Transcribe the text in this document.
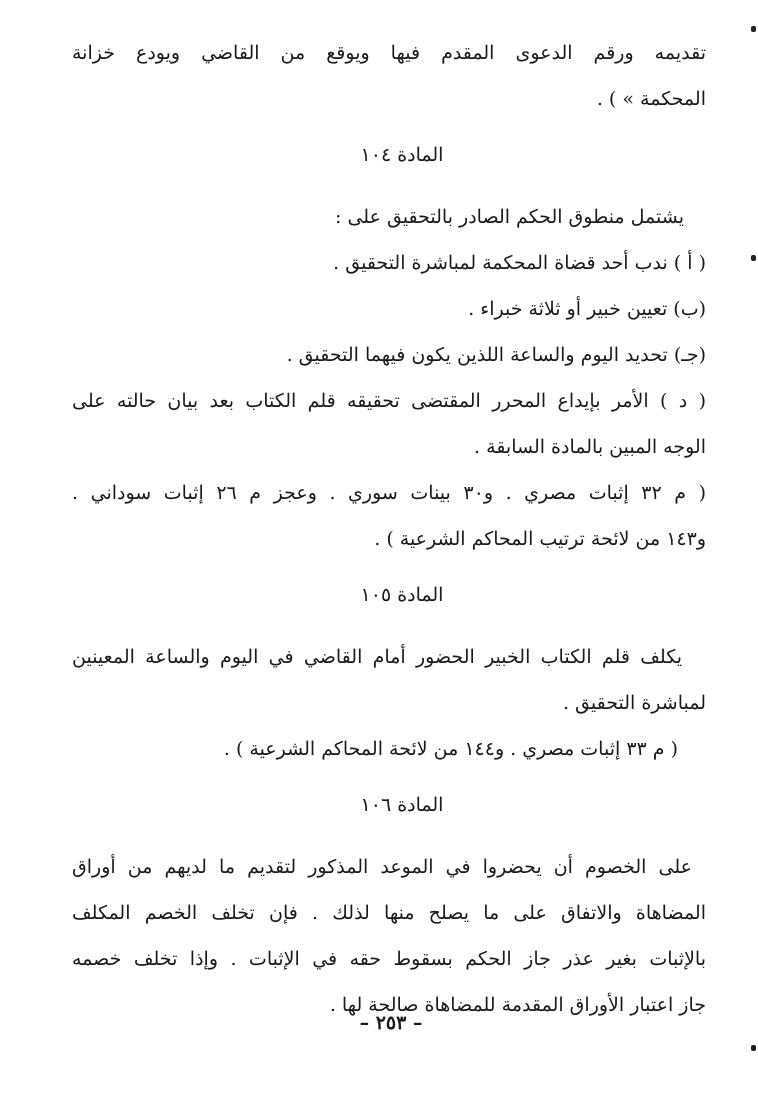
تقديمه ورقم الدعوى المقدم فيها ويوقع من القاضي ويودع خزانة
المحكمة » ) .
المادة ١٠٤
يشتمل منطوق الحكم الصادر بالتحقيق على :
( أ ) ندب أحد قضاة المحكمة لمباشرة التحقيق .
(ب) تعيين خبير أو ثلاثة خبراء .
(جـ) تحديد اليوم والساعة اللذين يكون فيهما التحقيق .
( د ) الأمر بإيداع المحرر المقتضى تحقيقه قلم الكتاب بعد بيان حالته على
الوجه المبين بالمادة السابقة .
( م ٣٢ إثبات مصري . و٣٠ بينات سوري . وعجز م ٢٦ إثبات سوداني .
و١٤٣ من لائحة ترتيب المحاكم الشرعية ) .
المادة ١٠٥
يكلف قلم الكتاب الخبير الحضور أمام القاضي في اليوم والساعة المعينين
لمباشرة التحقيق .
( م ٣٣ إثبات مصري . و١٤٤ من لائحة المحاكم الشرعية ) .
المادة ١٠٦
على الخصوم أن يحضروا في الموعد المذكور لتقديم ما لديهم من أوراق
المضاهاة والاتفاق على ما يصلح منها لذلك . فإن تخلف الخصم المكلف
بالإثبات بغير عذر جاز الحكم بسقوط حقه في الإثبات . وإذا تخلف خصمه
جاز اعتبار الأوراق المقدمة للمضاهاة صالحة لها .
– ٢٥٣ –
